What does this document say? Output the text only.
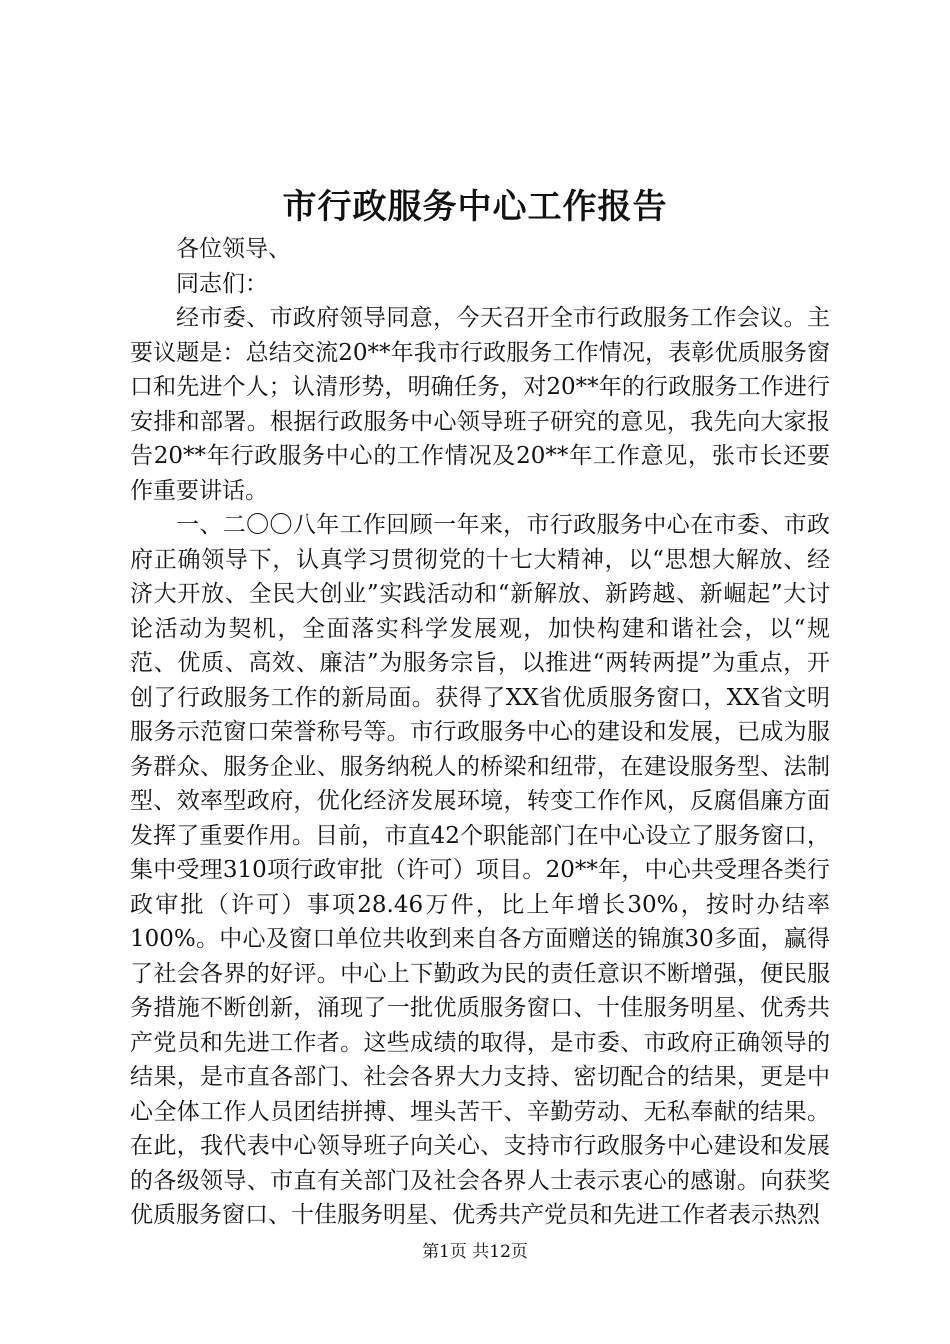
市行政服务中心工作报告

各位领导、

同志们：

经市委、市政府领导同意，今天召开全市行政服务工作会议。主要议题是：总结交流20**年我市行政服务工作情况，表彰优质服务窗口和先进个人；认清形势，明确任务，对20**年的行政服务工作进行安排和部署。根据行政服务中心领导班子研究的意见，我先向大家报告20**年行政服务中心的工作情况及20**年工作意见，张市长还要作重要讲话。

一、二〇〇八年工作回顾一年来，市行政服务中心在市委、市政府正确领导下，认真学习贯彻党的十七大精神，以“思想大解放、经济大开放、全民大创业”实践活动和“新解放、新跨越、新崛起”大讨论活动为契机，全面落实科学发展观，加快构建和谐社会，以“规范、优质、高效、廉洁”为服务宗旨，以推进“两转两提”为重点，开创了行政服务工作的新局面。获得了XX省优质服务窗口，XX省文明服务示范窗口荣誉称号等。市行政服务中心的建设和发展，已成为服务群众、服务企业、服务纳税人的桥梁和纽带，在建设服务型、法制型、效率型政府，优化经济发展环境，转变工作作风，反腐倡廉方面发挥了重要作用。目前，市直42个职能部门在中心设立了服务窗口，集中受理310项行政审批（许可）项目。20**年，中心共受理各类行政审批（许可）事项28.46万件，比上年增长30%，按时办结率100%。中心及窗口单位共收到来自各方面赠送的锦旗30多面，赢得了社会各界的好评。中心上下勤政为民的责任意识不断增强，便民服务措施不断创新，涌现了一批优质服务窗口、十佳服务明星、优秀共产党员和先进工作者。这些成绩的取得，是市委、市政府正确领导的结果，是市直各部门、社会各界大力支持、密切配合的结果，更是中心全体工作人员团结拼搏、埋头苦干、辛勤劳动、无私奉献的结果。在此，我代表中心领导班子向关心、支持市行政服务中心建设和发展的各级领导、市直有关部门及社会各界人士表示衷心的感谢。向获奖优质服务窗口、十佳服务明星、优秀共产党员和先进工作者表示热烈

第1页 共12页
